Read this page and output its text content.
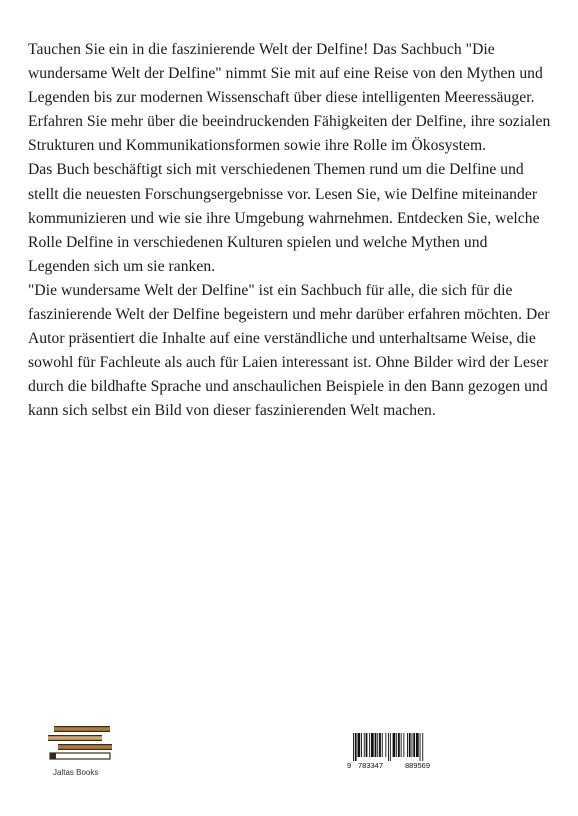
Tauchen Sie ein in die faszinierende Welt der Delfine! Das Sachbuch "Die wundersame Welt der Delfine" nimmt Sie mit auf eine Reise von den Mythen und Legenden bis zur modernen Wissenschaft über diese intelligenten Meeressäuger. Erfahren Sie mehr über die beeindruckenden Fähigkeiten der Delfine, ihre sozialen Strukturen und Kommunikationsformen sowie ihre Rolle im Ökosystem.

Das Buch beschäftigt sich mit verschiedenen Themen rund um die Delfine und stellt die neuesten Forschungsergebnisse vor. Lesen Sie, wie Delfine miteinander kommunizieren und wie sie ihre Umgebung wahrnehmen. Entdecken Sie, welche Rolle Delfine in verschiedenen Kulturen spielen und welche Mythen und Legenden sich um sie ranken.

"Die wundersame Welt der Delfine" ist ein Sachbuch für alle, die sich für die faszinierende Welt der Delfine begeistern und mehr darüber erfahren möchten. Der Autor präsentiert die Inhalte auf eine verständliche und unterhaltsame Weise, die sowohl für Fachleute als auch für Laien interessant ist. Ohne Bilder wird der Leser durch die bildhafte Sprache und anschaulichen Beispiele in den Bann gezogen und kann sich selbst ein Bild von dieser faszinierenden Welt machen.

Jaltas Books
9 783347	889569
